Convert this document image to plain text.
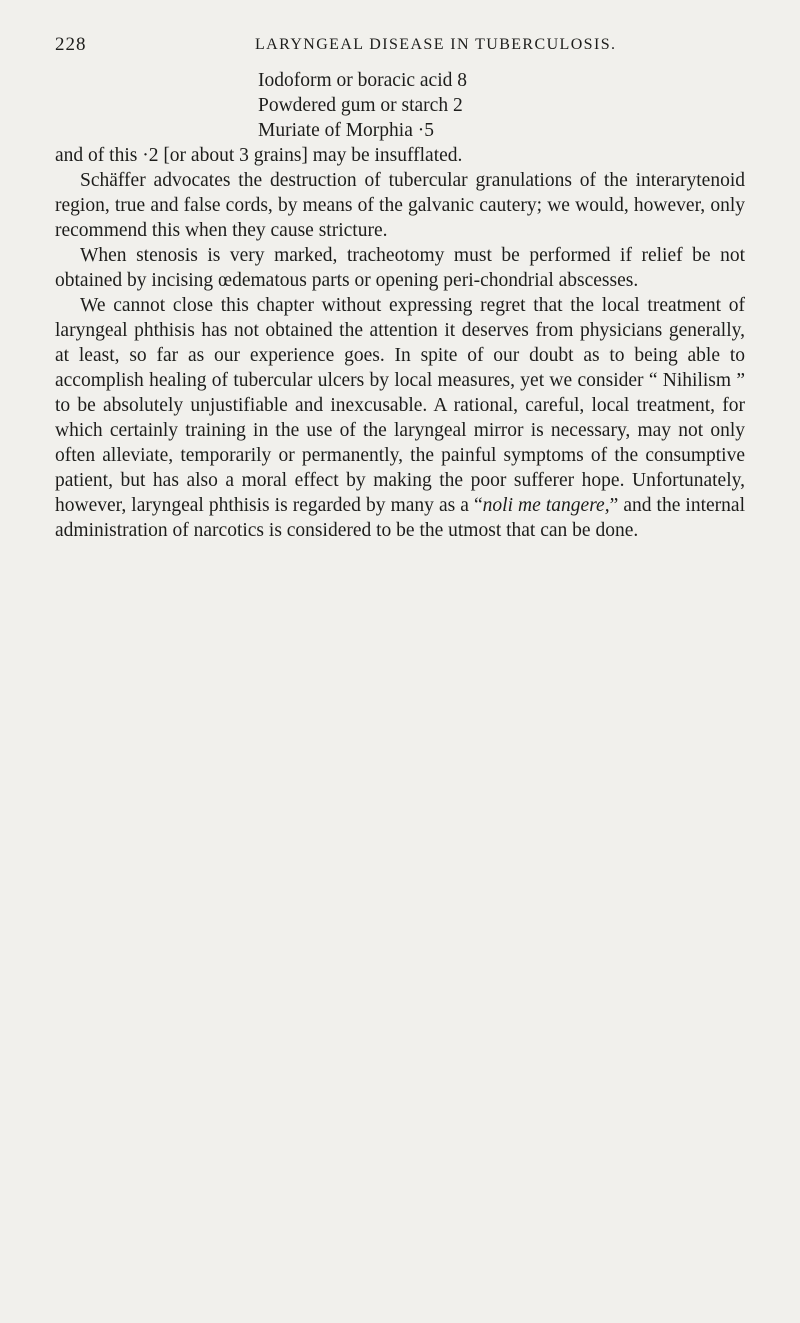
228	LARYNGEAL DISEASE IN TUBERCULOSIS.
Iodoform or boracic acid 8
Powdered gum or starch 2
Muriate of Morphia ·5

and of this ·2 [or about 3 grains] may be insufflated.

Schäffer advocates the destruction of tubercular granulations of the interarytenoid region, true and false cords, by means of the galvanic cautery; we would, however, only recommend this when they cause stricture.

When stenosis is very marked, tracheotomy must be performed if relief be not obtained by incising œdematous parts or opening peri-chondrial abscesses.

We cannot close this chapter without expressing regret that the local treatment of laryngeal phthisis has not obtained the attention it deserves from physicians generally, at least, so far as our experience goes. In spite of our doubt as to being able to accomplish healing of tubercular ulcers by local measures, yet we consider “ Nihilism ” to be absolutely unjustifiable and inexcusable. A rational, careful, local treatment, for which certainly training in the use of the laryngeal mirror is necessary, may not only often alleviate, temporarily or permanently, the painful symptoms of the consumptive patient, but has also a moral effect by making the poor sufferer hope. Unfortunately, however, laryngeal phthisis is regarded by many as a “noli me tangere,” and the internal administration of narcotics is considered to be the utmost that can be done.
